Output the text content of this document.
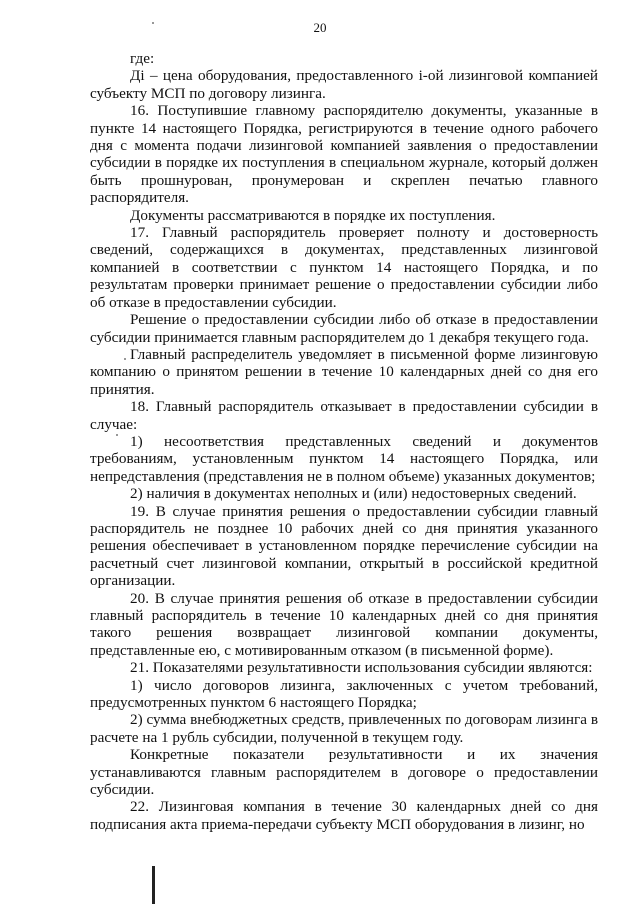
20

где:

Дi – цена оборудования, предоставленного i-ой лизинговой компанией субъекту МСП по договору лизинга.

16. Поступившие главному распорядителю документы, указанные в пункте 14 настоящего Порядка, регистрируются в течение одного рабочего дня с момента подачи лизинговой компанией заявления о предоставлении субсидии в порядке их поступления в специальном журнале, который должен быть прошнурован, пронумерован и скреплен печатью главного распорядителя.

Документы рассматриваются в порядке их поступления.

17. Главный распорядитель проверяет полноту и достоверность сведений, содержащихся в документах, представленных лизинговой компанией в соответствии с пунктом 14 настоящего Порядка, и по результатам проверки принимает решение о предоставлении субсидии либо об отказе в предоставлении субсидии.

Решение о предоставлении субсидии либо об отказе в предоставлении субсидии принимается главным распорядителем до 1 декабря текущего года.

Главный распределитель уведомляет в письменной форме лизинговую компанию о принятом решении в течение 10 календарных дней со дня его принятия.

18. Главный распорядитель отказывает в предоставлении субсидии в случае:

1) несоответствия представленных сведений и документов требованиям, установленным пунктом 14 настоящего Порядка, или непредставления (представления не в полном объеме) указанных документов;

2) наличия в документах неполных и (или) недостоверных сведений.

19. В случае принятия решения о предоставлении субсидии главный распорядитель не позднее 10 рабочих дней со дня принятия указанного решения обеспечивает в установленном порядке перечисление субсидии на расчетный счет лизинговой компании, открытый в российской кредитной организации.

20. В случае принятия решения об отказе в предоставлении субсидии главный распорядитель в течение 10 календарных дней со дня принятия такого решения возвращает лизинговой компании документы, представленные ею, с мотивированным отказом (в письменной форме).

21. Показателями результативности использования субсидии являются:

1) число договоров лизинга, заключенных с учетом требований, предусмотренных пунктом 6 настоящего Порядка;

2) сумма внебюджетных средств, привлеченных по договорам лизинга в расчете на 1 рубль субсидии, полученной в текущем году.

Конкретные показатели результативности и их значения устанавливаются главным распорядителем в договоре о предоставлении субсидии.

22. Лизинговая компания в течение 30 календарных дней со дня подписания акта приема-передачи субъекту МСП оборудования в лизинг, но
